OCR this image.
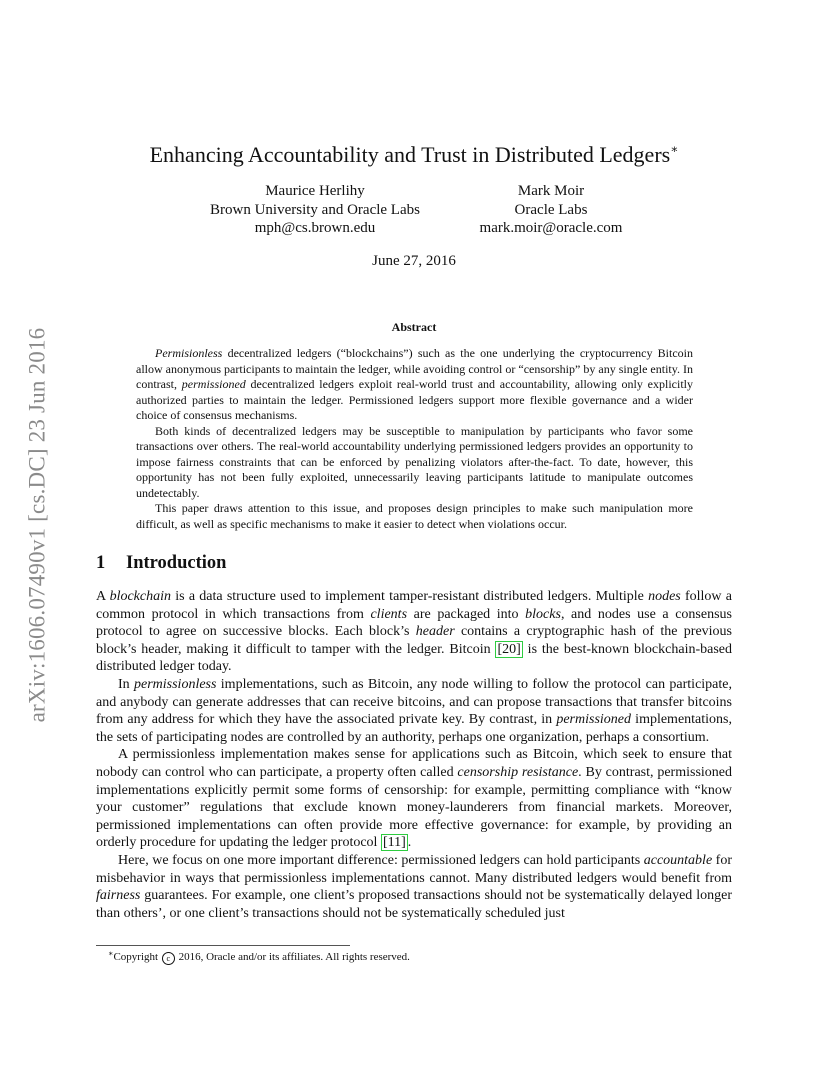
arXiv:1606.07490v1 [cs.DC] 23 Jun 2016
Enhancing Accountability and Trust in Distributed Ledgers∗
Maurice Herlihy
Brown University and Oracle Labs
mph@cs.brown.edu
Mark Moir
Oracle Labs
mark.moir@oracle.com
June 27, 2016
Abstract

Permisionless decentralized ledgers (“blockchains”) such as the one underlying the cryptocurrency Bitcoin allow anonymous participants to maintain the ledger, while avoiding control or “censorship” by any single entity. In contrast, permissioned decentralized ledgers exploit real-world trust and accountability, allowing only explicitly authorized parties to maintain the ledger. Permissioned ledgers support more flexible governance and a wider choice of consensus mechanisms.

Both kinds of decentralized ledgers may be susceptible to manipulation by participants who favor some transactions over others. The real-world accountability underlying permissioned ledgers provides an opportunity to impose fairness constraints that can be enforced by penalizing violators after-the-fact. To date, however, this opportunity has not been fully exploited, unnecessarily leaving participants latitude to manipulate outcomes undetectably.

This paper draws attention to this issue, and proposes design principles to make such manipulation more difficult, as well as specific mechanisms to make it easier to detect when violations occur.

1 Introduction

A blockchain is a data structure used to implement tamper-resistant distributed ledgers. Multiple nodes follow a common protocol in which transactions from clients are packaged into blocks, and nodes use a consensus protocol to agree on successive blocks. Each block’s header contains a cryptographic hash of the previous block’s header, making it difficult to tamper with the ledger. Bitcoin [20] is the best-known blockchain-based distributed ledger today.

In permissionless implementations, such as Bitcoin, any node willing to follow the protocol can participate, and anybody can generate addresses that can receive bitcoins, and can propose transactions that transfer bitcoins from any address for which they have the associated private key. By contrast, in permissioned implementations, the sets of participating nodes are controlled by an authority, perhaps one organization, perhaps a consortium.

A permissionless implementation makes sense for applications such as Bitcoin, which seek to ensure that nobody can control who can participate, a property often called censorship resistance. By contrast, permissioned implementations explicitly permit some forms of censorship: for example, permitting compliance with “know your customer” regulations that exclude known money-launderers from financial markets. Moreover, permissioned implementations can often provide more effective governance: for example, by providing an orderly procedure for updating the ledger protocol [11] .

Here, we focus on one more important difference: permissioned ledgers can hold participants accountable for misbehavior in ways that permissionless implementations cannot. Many distributed ledgers would benefit from fairness guarantees. For example, one client’s proposed transactions should not be systematically delayed longer than others’, or one client’s transactions should not be systematically scheduled just

∗Copyright c 2016, Oracle and/or its affiliates. All rights reserved.
